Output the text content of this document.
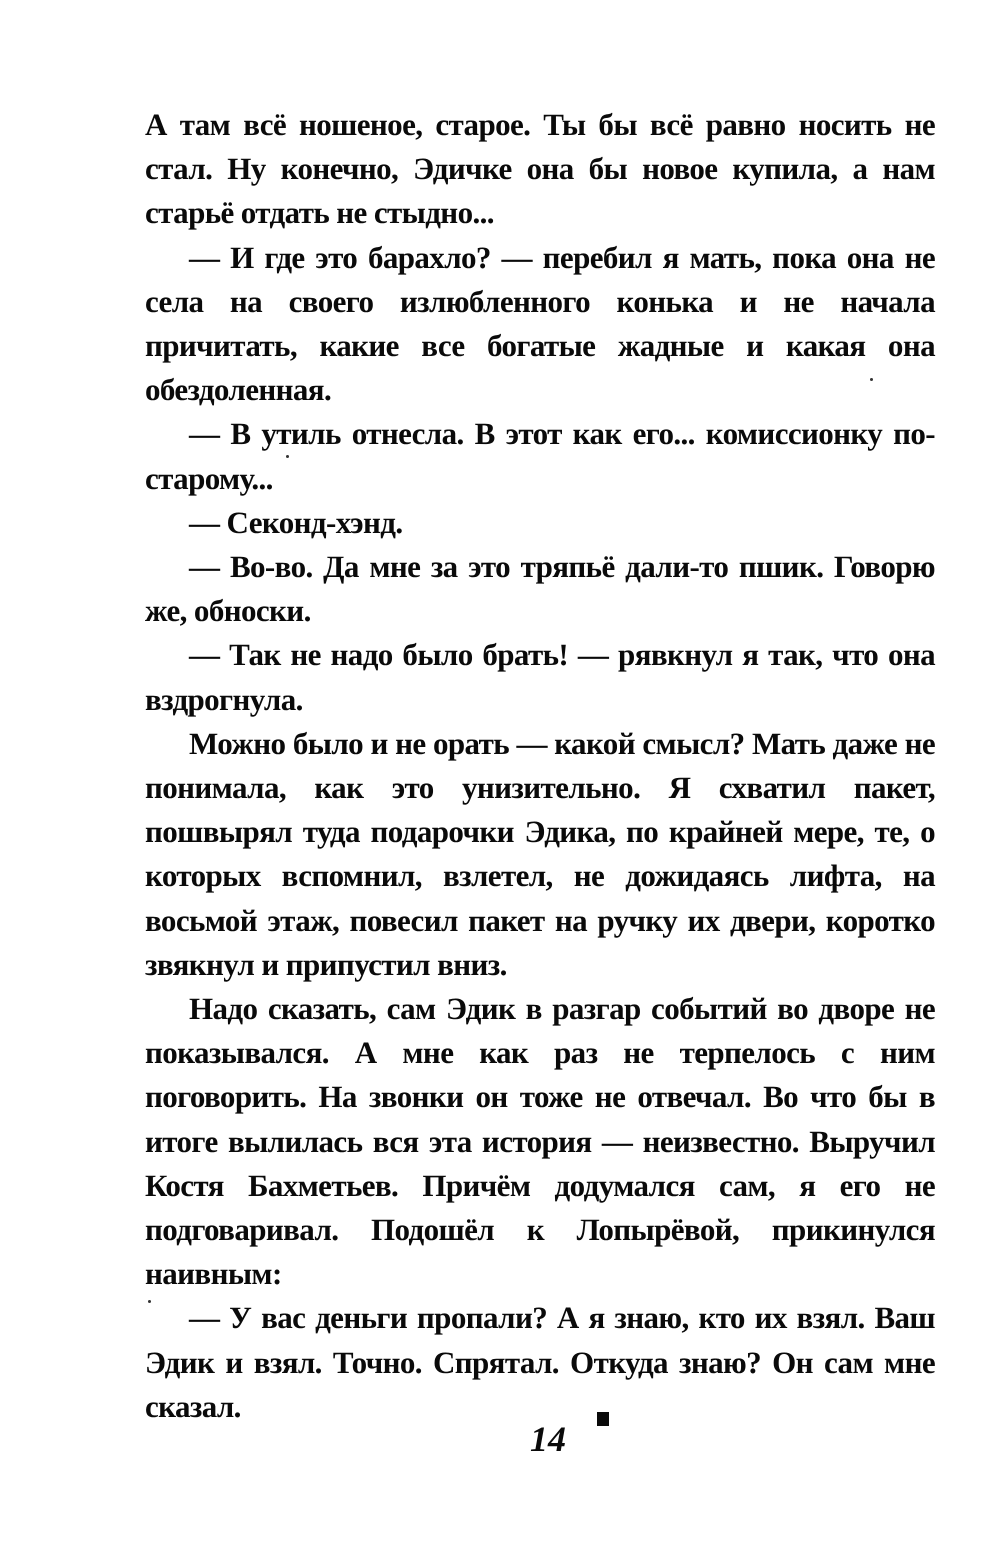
А там всё ношеное, старое. Ты бы всё равно носить не стал. Ну конечно, Эдичке она бы новое купила, а нам старьё отдать не стыдно...

— И где это барахло? — перебил я мать, пока она не села на своего излюбленного конька и не начала причитать, какие все богатые жадные и какая она обездоленная.

— В утиль отнесла. В этот как его... комиссионку по-старому...

— Секонд-хэнд.

— Во-во. Да мне за это тряпьё дали-то пшик. Говорю же, обноски.

— Так не надо было брать! — рявкнул я так, что она вздрогнула.

Можно было и не орать — какой смысл? Мать даже не понимала, как это унизительно. Я схватил пакет, пошвырял туда подарочки Эдика, по крайней мере, те, о которых вспомнил, взлетел, не дожидаясь лифта, на восьмой этаж, повесил пакет на ручку их двери, коротко звякнул и припустил вниз.

Надо сказать, сам Эдик в разгар событий во дворе не показывался. А мне как раз не терпелось с ним поговорить. На звонки он тоже не отвечал. Во что бы в итоге вылилась вся эта история — неизвестно. Выручил Костя Бахметьев. Причём додумался сам, я его не подговаривал. Подошёл к Лопырёвой, прикинулся наивным:

— У вас деньги пропали? А я знаю, кто их взял. Ваш Эдик и взял. Точно. Спрятал. Откуда знаю? Он сам мне сказал.

14
